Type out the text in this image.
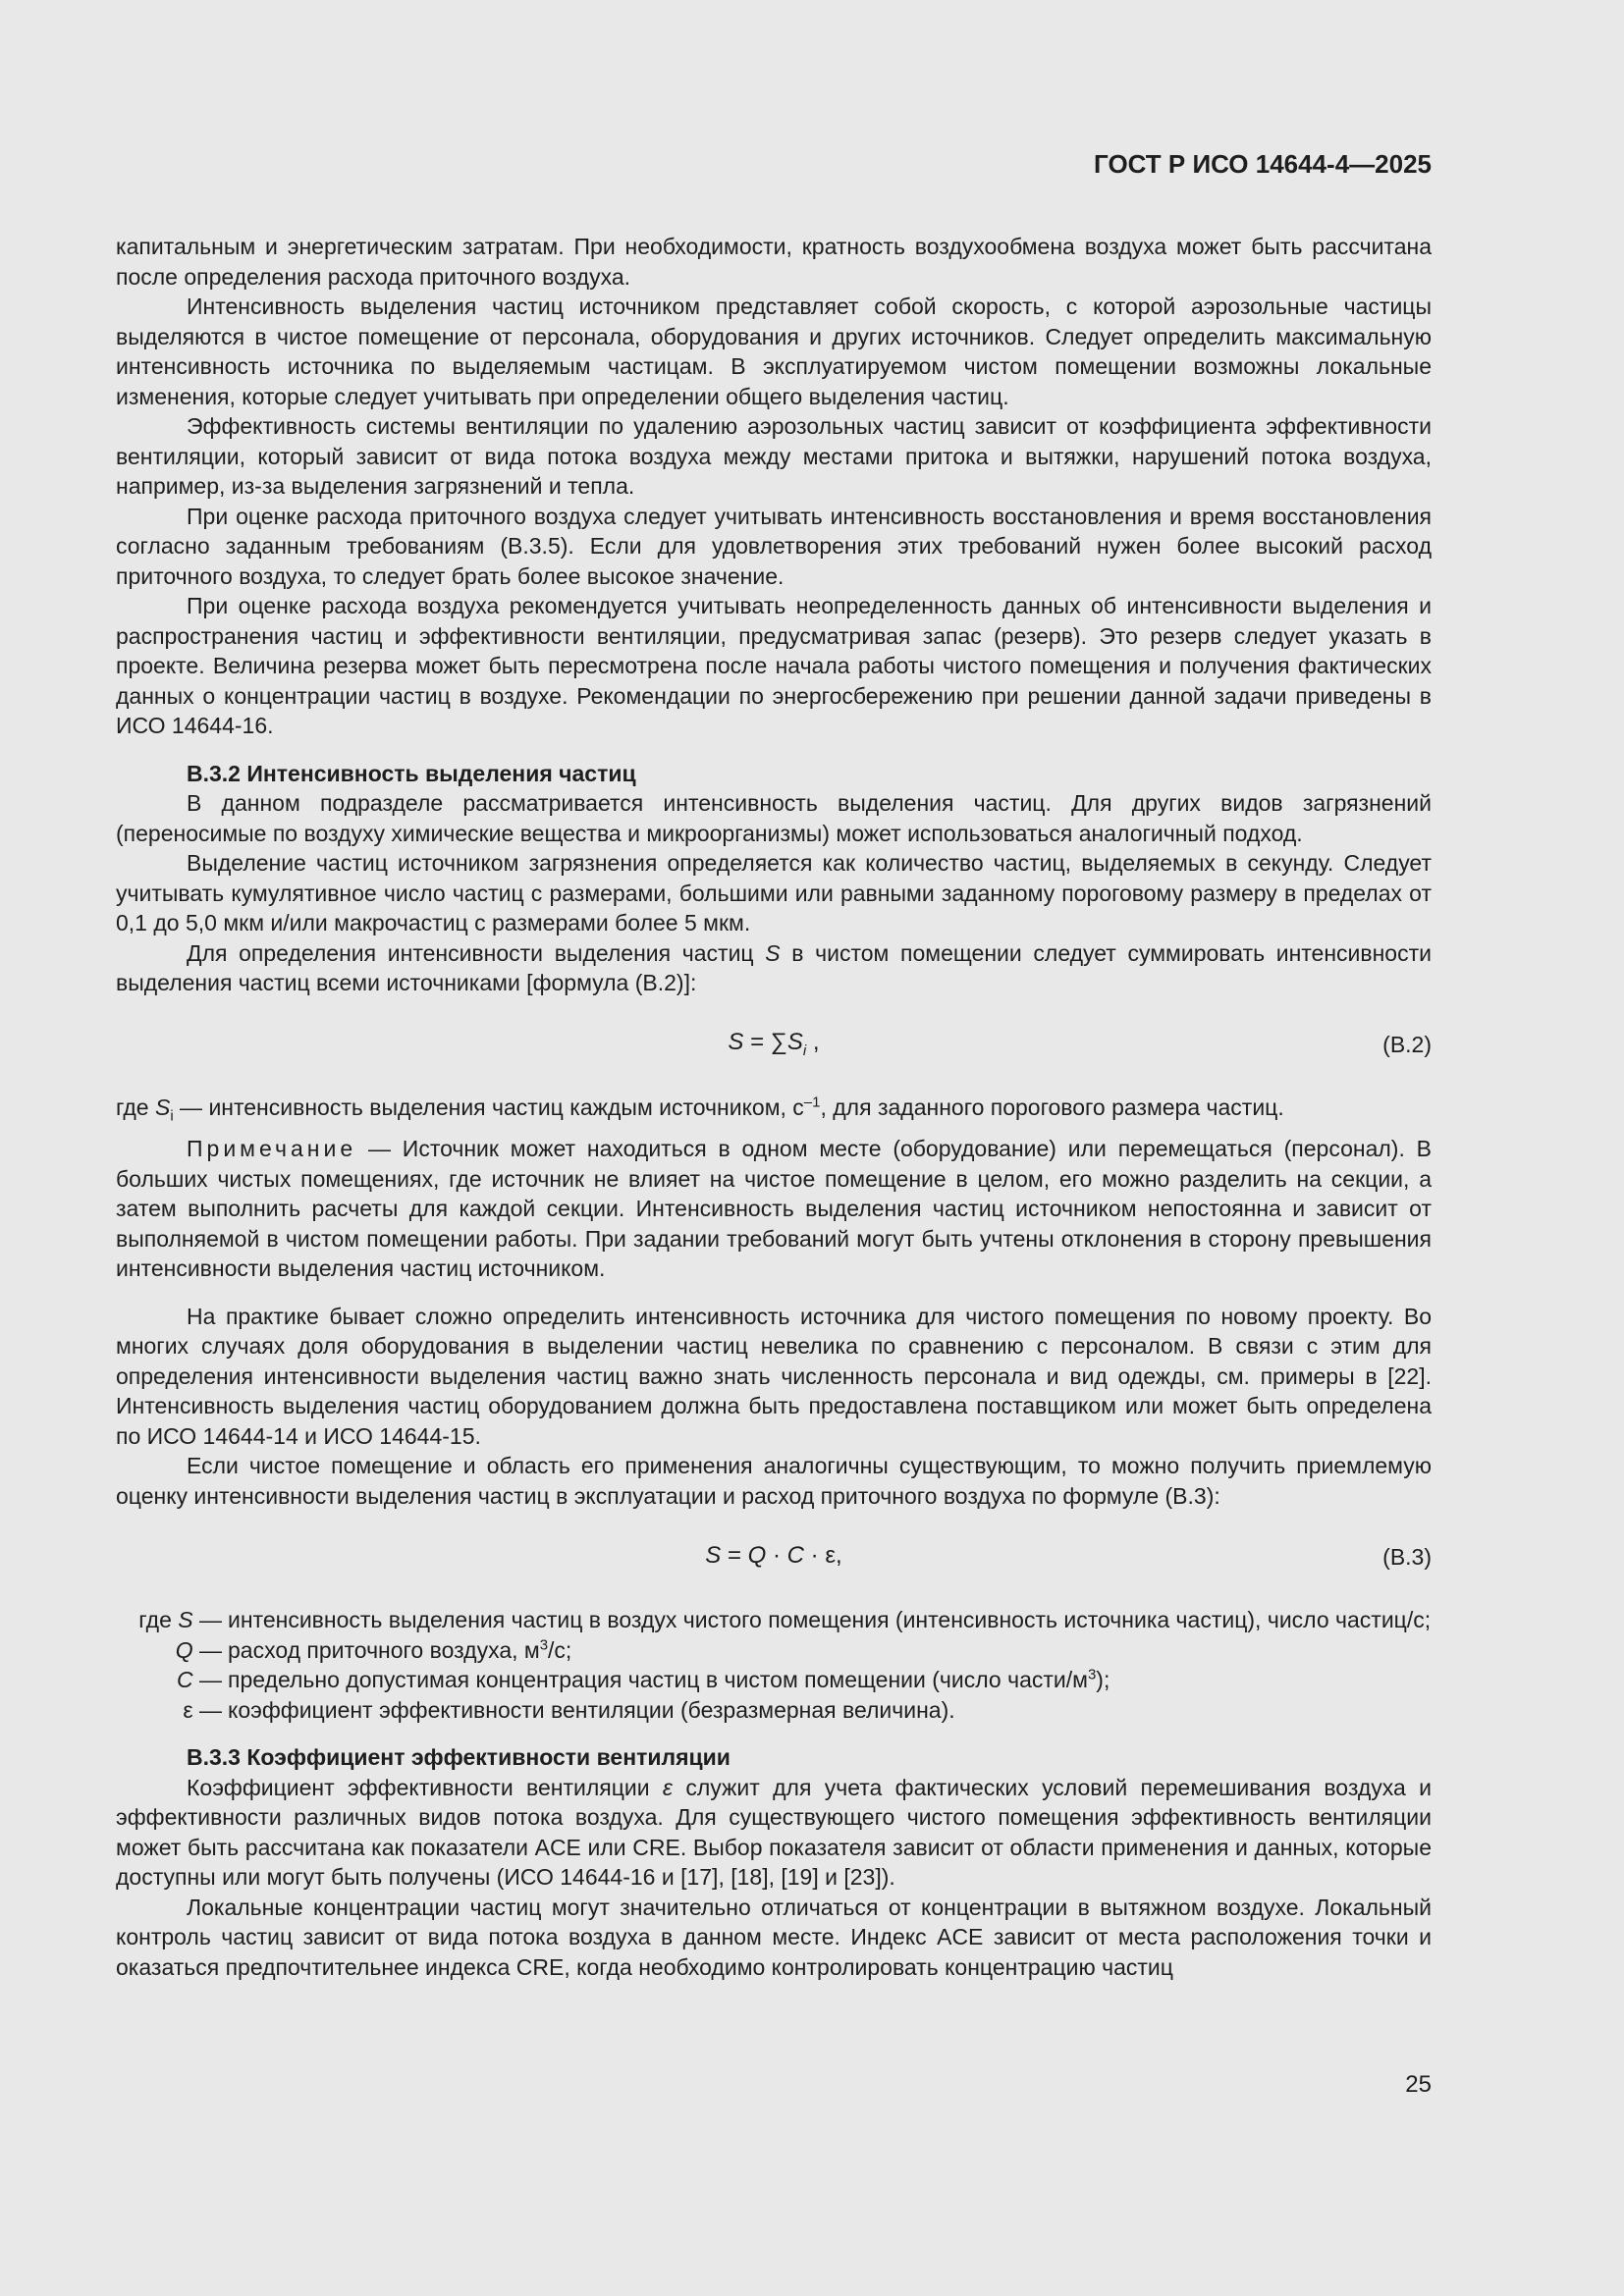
ГОСТ Р ИСО 14644-4—2025

капитальным и энергетическим затратам. При необходимости, кратность воздухообмена воздуха может быть рассчитана после определения расхода приточного воздуха.

Интенсивность выделения частиц источником представляет собой скорость, с которой аэрозольные частицы выделяются в чистое помещение от персонала, оборудования и других источников. Следует определить максимальную интенсивность источника по выделяемым частицам. В эксплуатируемом чистом помещении возможны локальные изменения, которые следует учитывать при определении общего выделения частиц.

Эффективность системы вентиляции по удалению аэрозольных частиц зависит от коэффициента эффективности вентиляции, который зависит от вида потока воздуха между местами притока и вытяжки, нарушений потока воздуха, например, из-за выделения загрязнений и тепла.

При оценке расхода приточного воздуха следует учитывать интенсивность восстановления и время восстановления согласно заданным требованиям (В.3.5). Если для удовлетворения этих требований нужен более высокий расход приточного воздуха, то следует брать более высокое значение.

При оценке расхода воздуха рекомендуется учитывать неопределенность данных об интенсивности выделения и распространения частиц и эффективности вентиляции, предусматривая запас (резерв). Это резерв следует указать в проекте. Величина резерва может быть пересмотрена после начала работы чистого помещения и получения фактических данных о концентрации частиц в воздухе. Рекомендации по энергосбережению при решении данной задачи приведены в ИСО 14644-16.

В.3.2 Интенсивность выделения частиц

В данном подразделе рассматривается интенсивность выделения частиц. Для других видов загрязнений (переносимые по воздуху химические вещества и микроорганизмы) может использоваться аналогичный подход.

Выделение частиц источником загрязнения определяется как количество частиц, выделяемых в секунду. Следует учитывать кумулятивное число частиц с размерами, большими или равными заданному пороговому размеру в пределах от 0,1 до 5,0 мкм и/или макрочастиц с размерами более 5 мкм.

Для определения интенсивности выделения частиц S в чистом помещении следует суммировать интенсивности выделения частиц всеми источниками [формула (В.2)]:

$S = \sum S_i$ ,	(В.2)

где $S_i$ — интенсивность выделения частиц каждым источником, $с^{-1}$, для заданного порогового размера частиц.

Примечание — Источник может находиться в одном месте (оборудование) или перемещаться (персонал). В больших чистых помещениях, где источник не влияет на чистое помещение в целом, его можно разделить на секции, а затем выполнить расчеты для каждой секции. Интенсивность выделения частиц источником непостоянна и зависит от выполняемой в чистом помещении работы. При задании требований могут быть учтены отклонения в сторону превышения интенсивности выделения частиц источником.

На практике бывает сложно определить интенсивность источника для чистого помещения по новому проекту. Во многих случаях доля оборудования в выделении частиц невелика по сравнению с персоналом. В связи с этим для определения интенсивности выделения частиц важно знать численность персонала и вид одежды, см. примеры в [22]. Интенсивность выделения частиц оборудованием должна быть предоставлена поставщиком или может быть определена по ИСО 14644-14 и ИСО 14644-15.

Если чистое помещение и область его применения аналогичны существующим, то можно получить приемлемую оценку интенсивности выделения частиц в эксплуатации и расход приточного воздуха по формуле (В.3):

S = Q · C · ε,	(В.3)
где S — интенсивность выделения частиц в воздух чистого помещения (интенсивность источника частиц), число частиц/с;
Q — расход приточного воздуха, $м^3/с$;
C — предельно допустимая концентрация частиц в чистом помещении (число части/$м^3$);
ε — коэффициент эффективности вентиляции (безразмерная величина).

В.3.3 Коэффициент эффективности вентиляции

Коэффициент эффективности вентиляции ε служит для учета фактических условий перемешивания воздуха и эффективности различных видов потока воздуха. Для существующего чистого помещения эффективность вентиляции может быть рассчитана как показатели ACE или CRE. Выбор показателя зависит от области применения и данных, которые доступны или могут быть получены (ИСО 14644-16 и [17], [18], [19] и [23]).

Локальные концентрации частиц могут значительно отличаться от концентрации в вытяжном воздухе. Локальный контроль частиц зависит от вида потока воздуха в данном месте. Индекс ACE зависит от места расположения точки и оказаться предпочтительнее индекса CRE, когда необходимо контролировать концентрацию частиц

25
